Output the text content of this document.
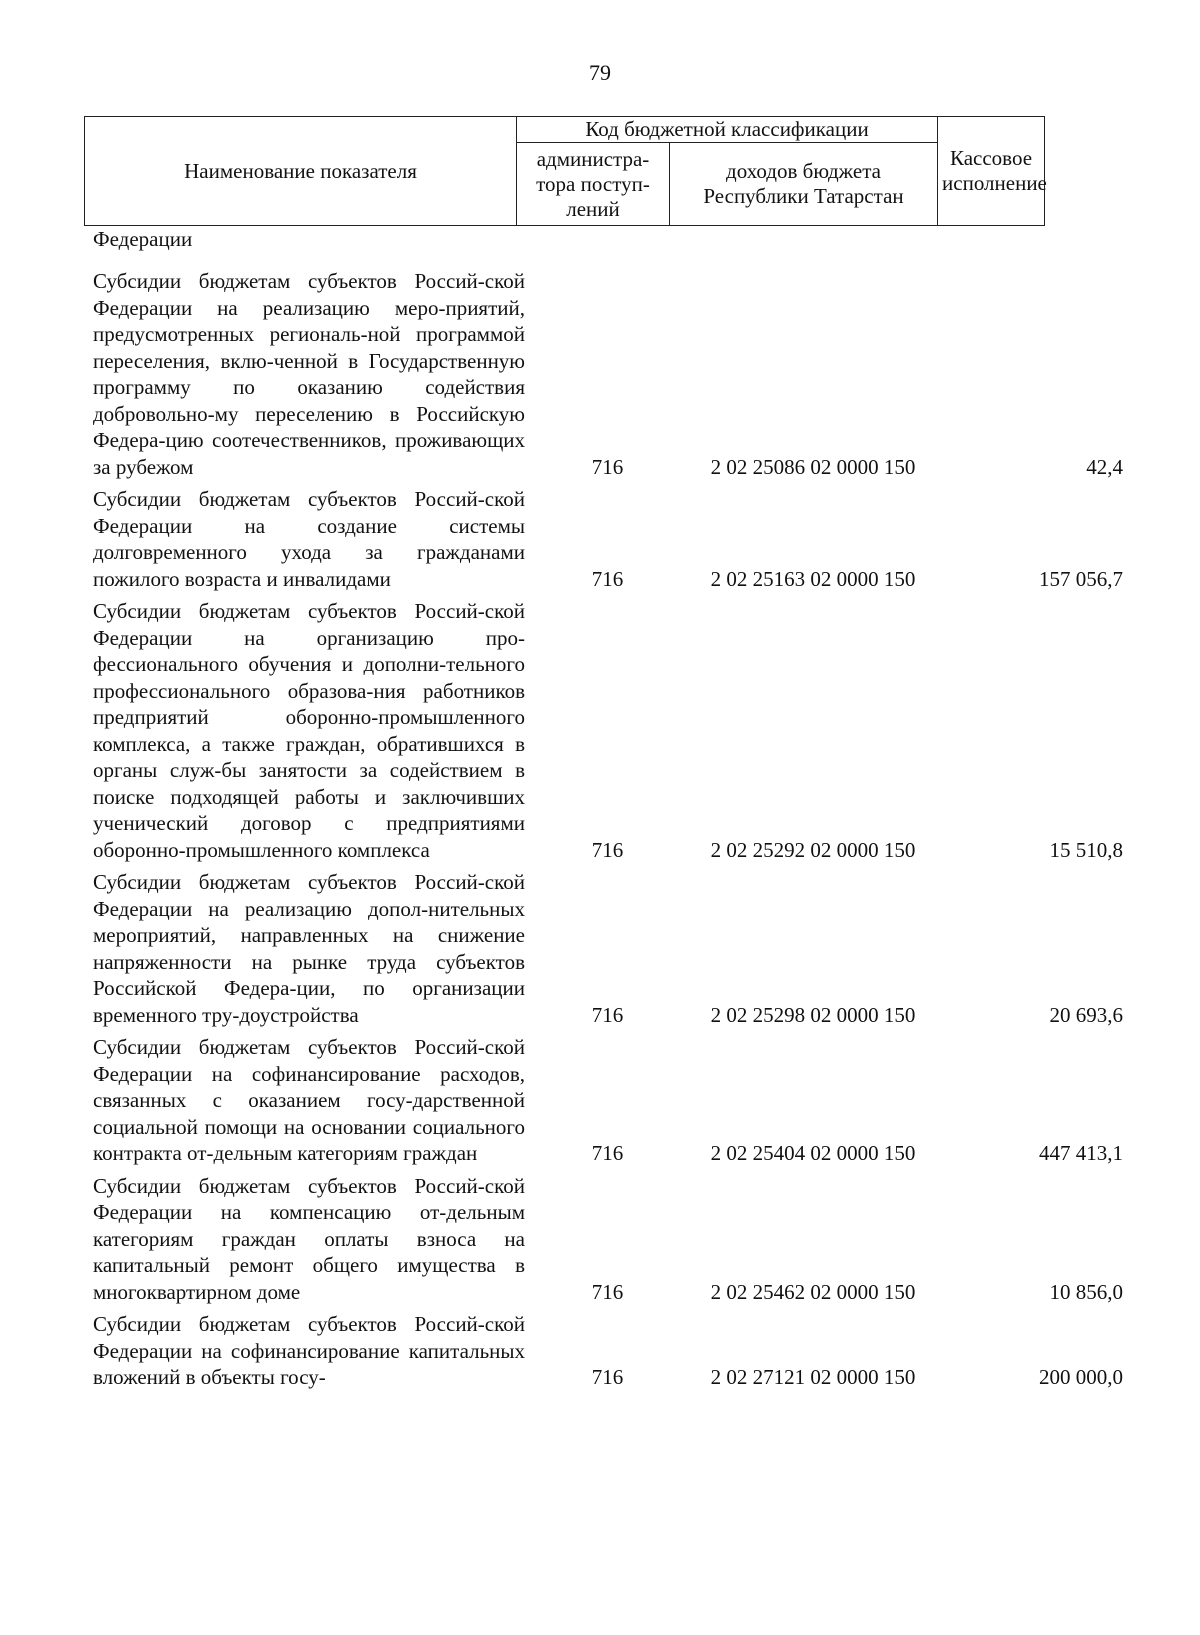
79
Наименование показателя	Код бюджетной классификации		Кассовое исполнение
	администра-тора поступ-лений	доходов бюджета Республики Татарстан	
Федерации
Субсидии бюджетам субъектов Россий-ской Федерации на реализацию меро-приятий, предусмотренных региональ-ной программой переселения, вклю-ченной в Государственную программу по оказанию содействия добровольно-му переселению в Российскую Федера-цию соотечественников, проживающих за рубежом	716	2 02 25086 02 0000 150	42,4
Субсидии бюджетам субъектов Россий-ской Федерации на создание системы долговременного ухода за гражданами пожилого возраста и инвалидами	716	2 02 25163 02 0000 150	157 056,7
Субсидии бюджетам субъектов Россий-ской Федерации на организацию про-фессионального обучения и дополни-тельного профессионального образова-ния работников предприятий оборонно-промышленного комплекса, а также граждан, обратившихся в органы служ-бы занятости за содействием в поиске подходящей работы и заключивших ученический договор с предприятиями оборонно-промышленного комплекса	716	2 02 25292 02 0000 150	15 510,8
Субсидии бюджетам субъектов Россий-ской Федерации на реализацию допол-нительных мероприятий, направленных на снижение напряженности на рынке труда субъектов Российской Федера-ции, по организации временного тру-доустройства	716	2 02 25298 02 0000 150	20 693,6
Субсидии бюджетам субъектов Россий-ской Федерации на софинансирование расходов, связанных с оказанием госу-дарственной социальной помощи на основании социального контракта от-дельным категориям граждан	716	2 02 25404 02 0000 150	447 413,1
Субсидии бюджетам субъектов Россий-ской Федерации на компенсацию от-дельным категориям граждан оплаты взноса на капитальный ремонт общего имущества в многоквартирном доме	716	2 02 25462 02 0000 150	10 856,0
Субсидии бюджетам субъектов Россий-ской Федерации на софинансирование капитальных вложений в объекты госу-	716	2 02 27121 02 0000 150	200 000,0
